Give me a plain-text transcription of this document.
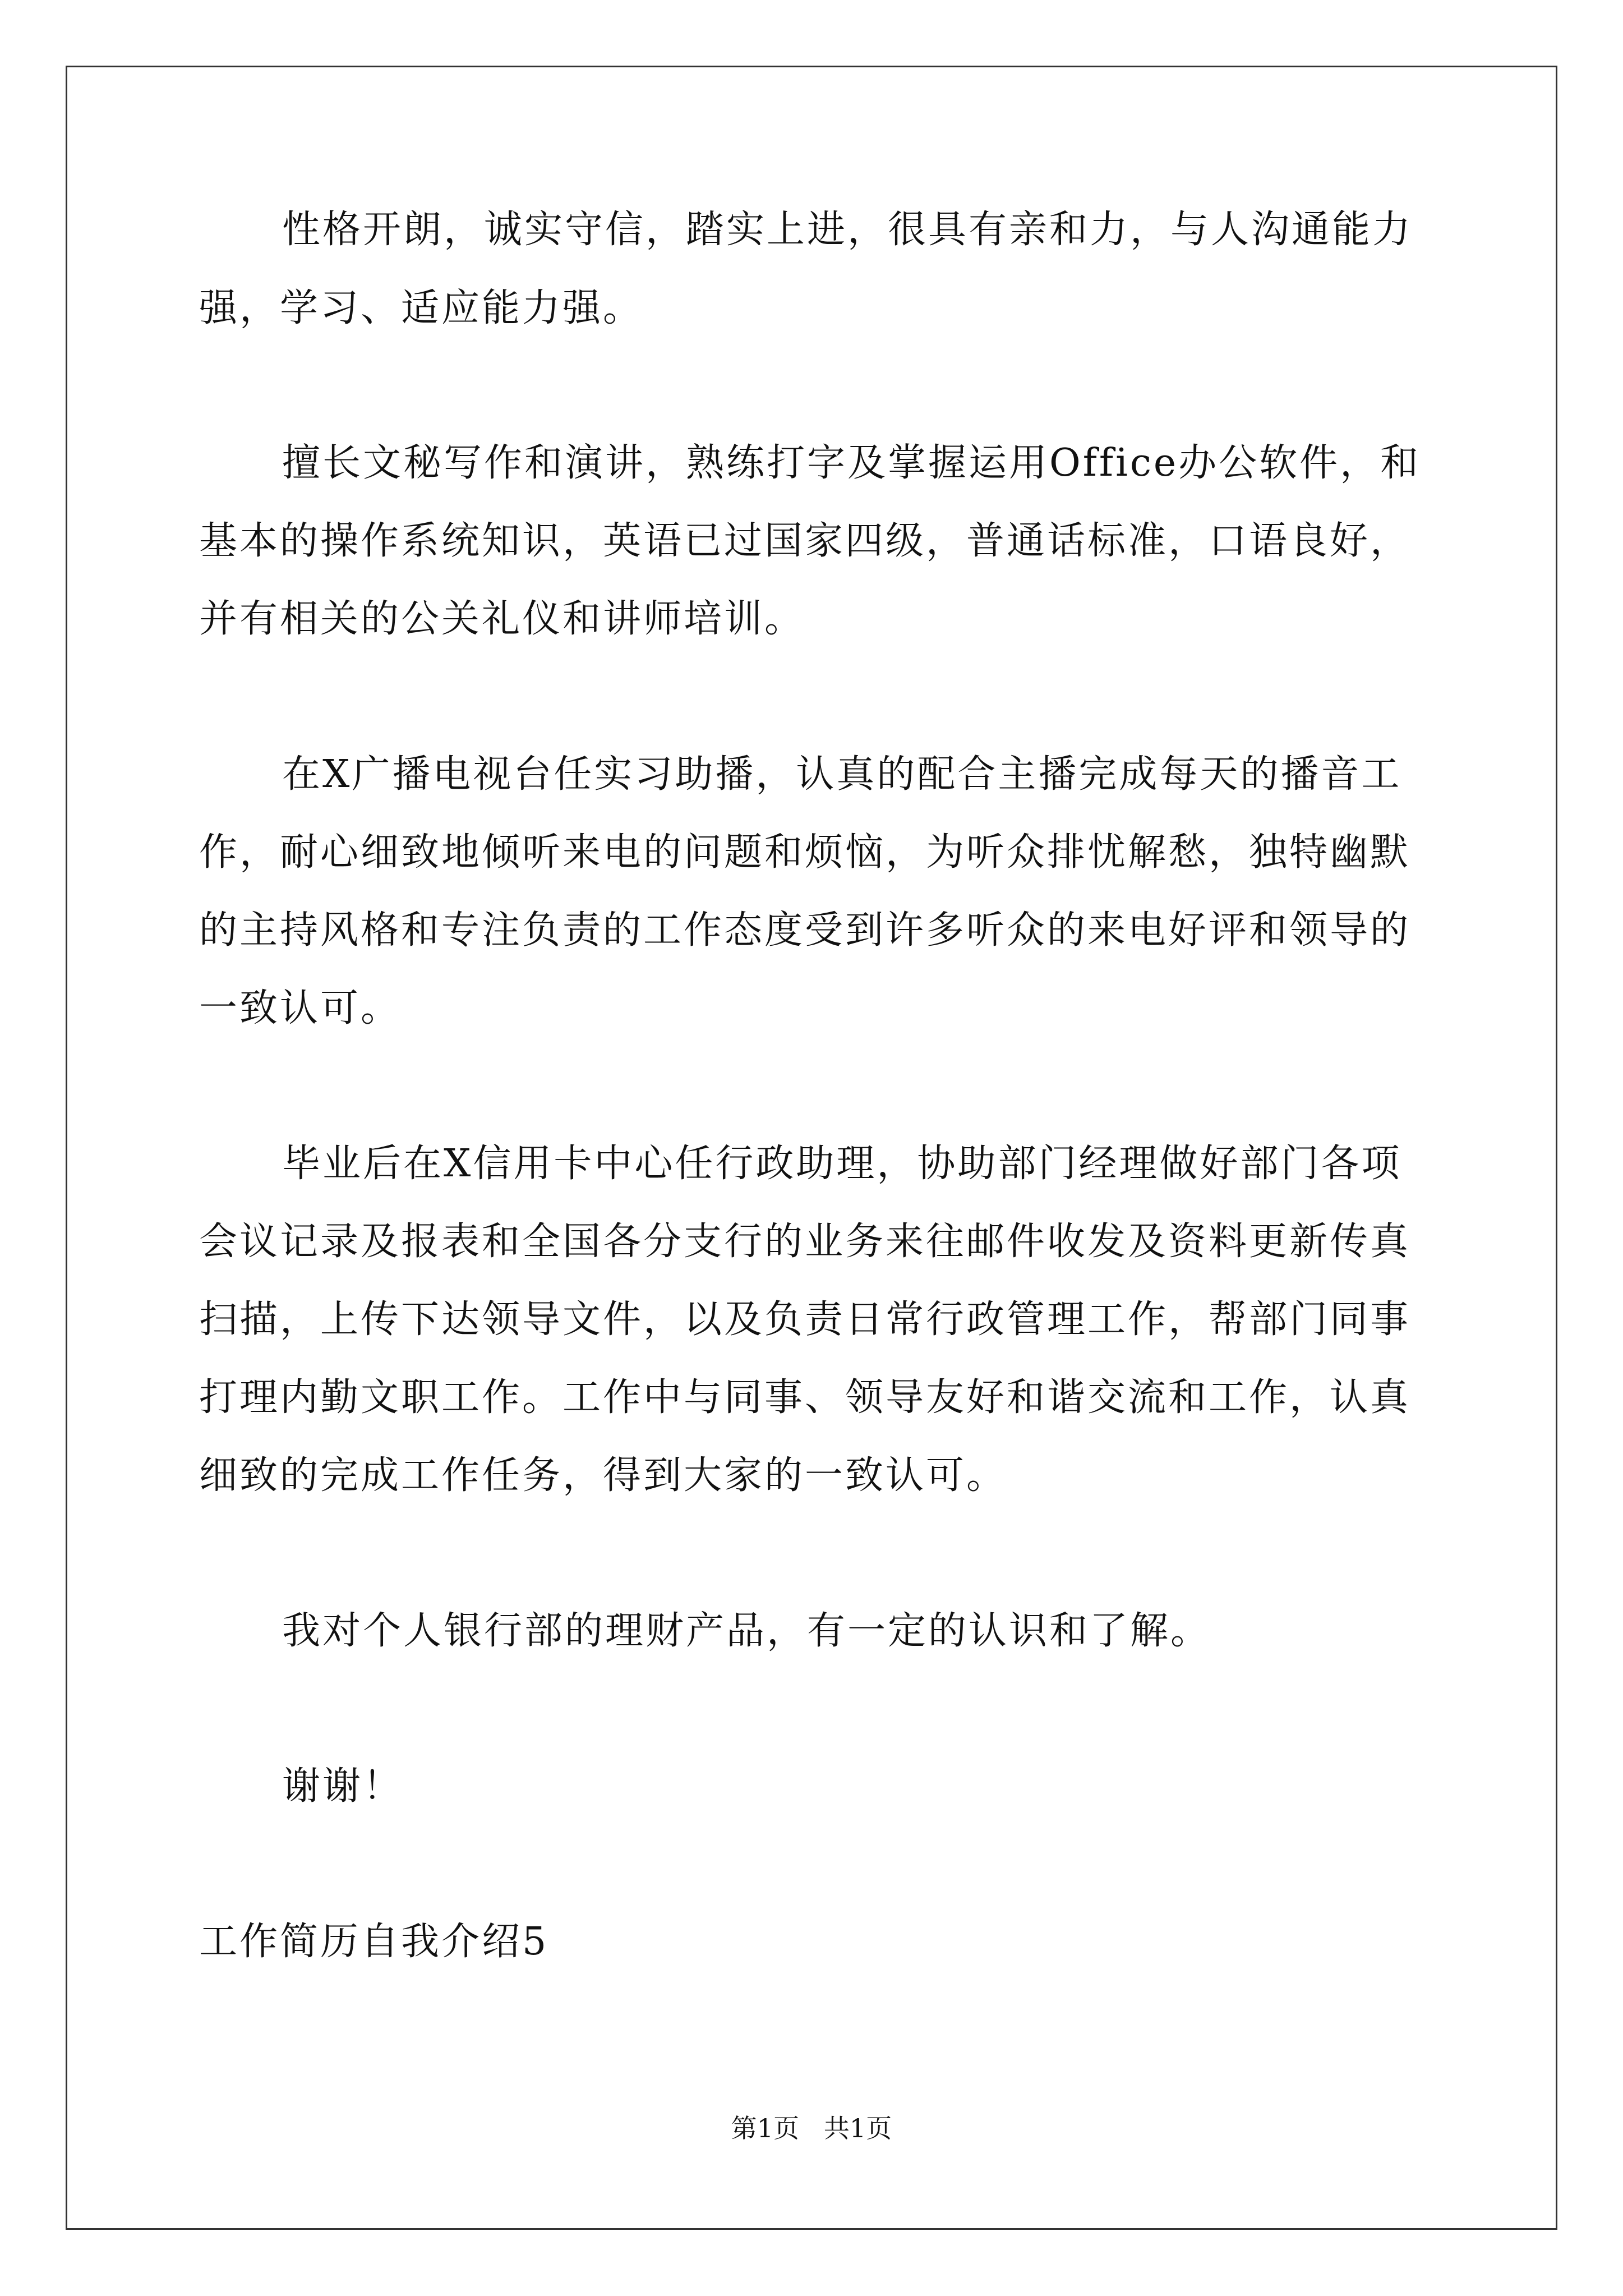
性格开朗，诚实守信，踏实上进，很具有亲和力，与人沟通能力
强，学习、适应能力强。
擅长文秘写作和演讲，熟练打字及掌握运用Office办公软件，和
基本的操作系统知识，英语已过国家四级，普通话标准，口语良好，
并有相关的公关礼仪和讲师培训。
在X广播电视台任实习助播，认真的配合主播完成每天的播音工
作，耐心细致地倾听来电的问题和烦恼，为听众排忧解愁，独特幽默
的主持风格和专注负责的工作态度受到许多听众的来电好评和领导的
一致认可。
毕业后在X信用卡中心任行政助理，协助部门经理做好部门各项
会议记录及报表和全国各分支行的业务来往邮件收发及资料更新传真
扫描，上传下达领导文件，以及负责日常行政管理工作，帮部门同事
打理内勤文职工作。工作中与同事、领导友好和谐交流和工作，认真
细致的完成工作任务，得到大家的一致认可。
我对个人银行部的理财产品，有一定的认识和了解。
谢谢！
工作简历自我介绍5
第1页   共1页
